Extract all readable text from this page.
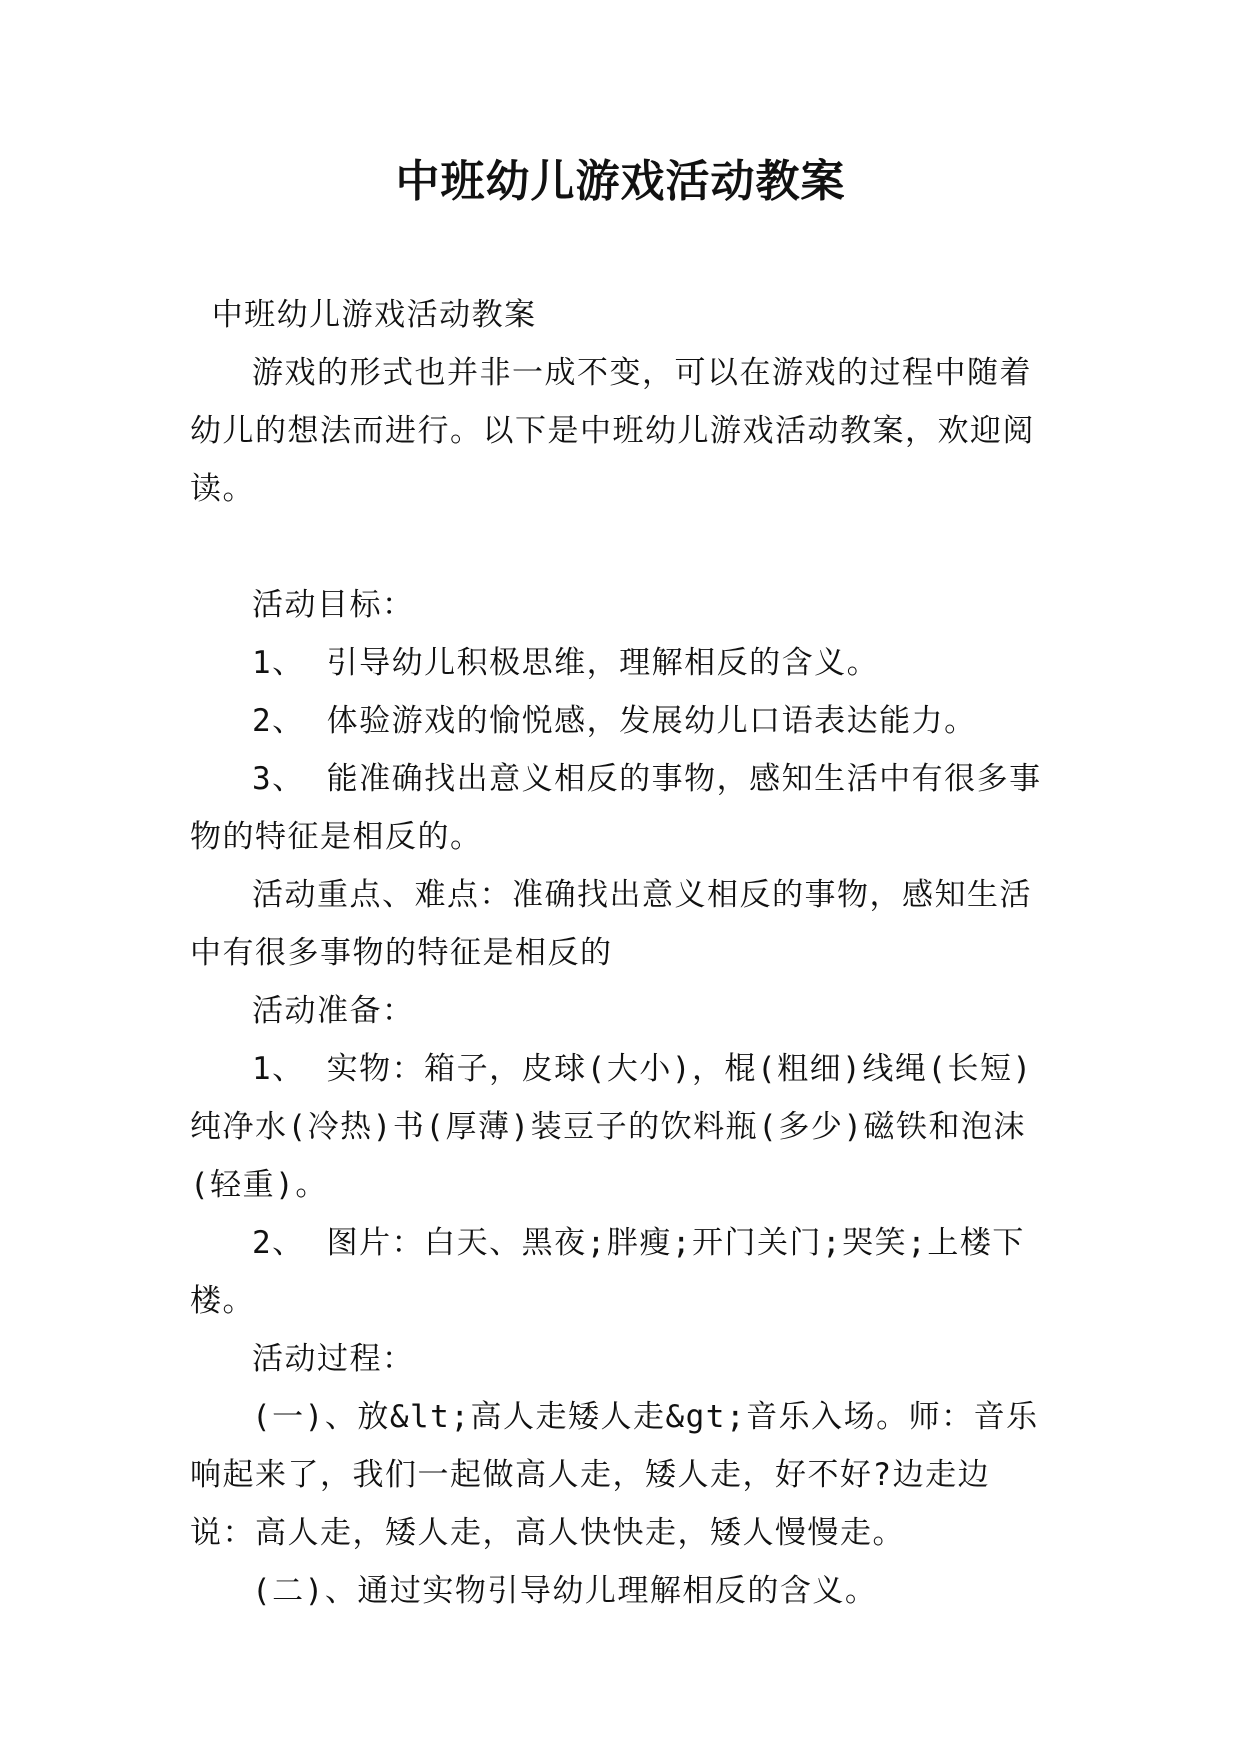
中班幼儿游戏活动教案

中班幼儿游戏活动教案

游戏的形式也并非一成不变，可以在游戏的过程中随着幼儿的想法而进行。以下是中班幼儿游戏活动教案，欢迎阅读。

活动目标：

1、 引导幼儿积极思维，理解相反的含义。

2、 体验游戏的愉悦感，发展幼儿口语表达能力。

3、 能准确找出意义相反的事物，感知生活中有很多事物的特征是相反的。

活动重点、难点：准确找出意义相反的事物，感知生活中有很多事物的特征是相反的

活动准备：

1、 实物：箱子，皮球(大小)，棍(粗细)线绳(长短)纯净水(冷热)书(厚薄)装豆子的饮料瓶(多少)磁铁和泡沫(轻重)。

2、 图片：白天、黑夜;胖瘦;开门关门;哭笑;上楼下楼。

活动过程：

(一)、放&lt;高人走矮人走&gt;音乐入场。师：音乐响起来了，我们一起做高人走，矮人走，好不好?边走边说：高人走，矮人走，高人快快走，矮人慢慢走。

(二)、通过实物引导幼儿理解相反的含义。
